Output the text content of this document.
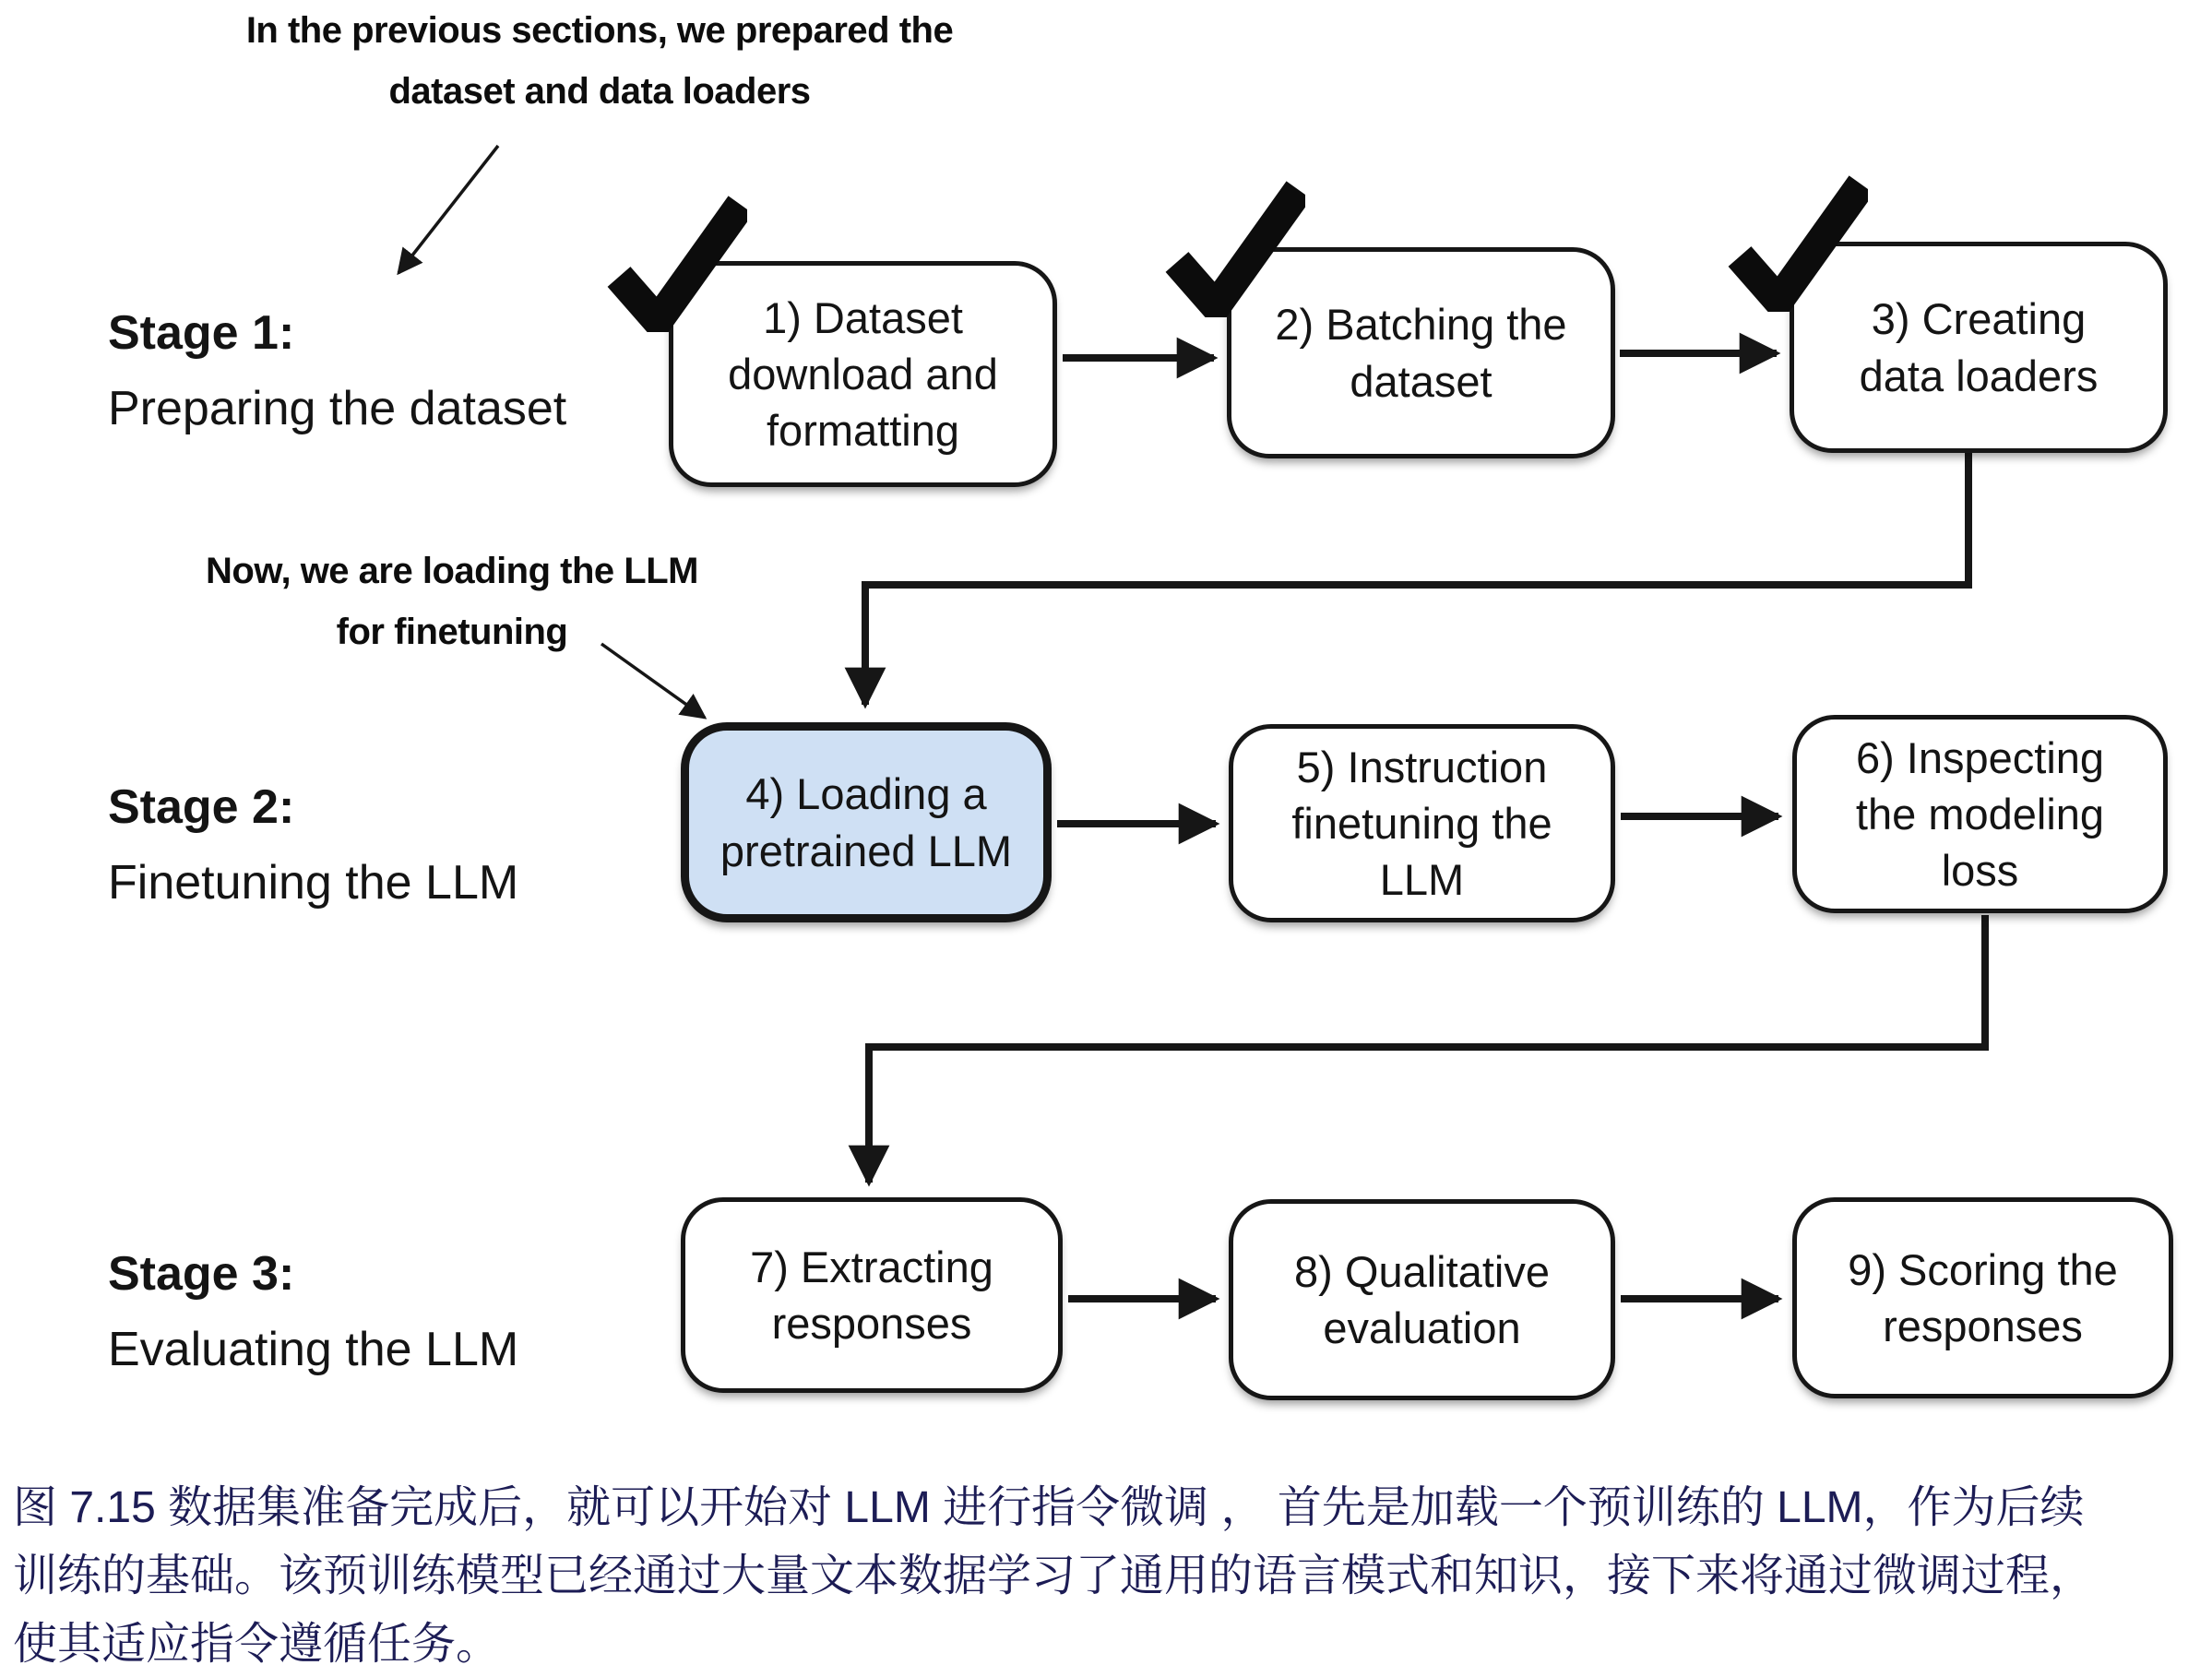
In the previous sections, we prepared the
dataset and data loaders
Now, we are loading the LLM
for finetuning
Stage 1:
Preparing the dataset
Stage 2:
Finetuning the LLM
Stage 3:
Evaluating the LLM
1) Dataset
download and
formatting
2) Batching the
dataset
3) Creating
data loaders
4) Loading a
pretrained LLM
5) Instruction
finetuning the
LLM
6) Inspecting
the modeling
loss
7) Extracting
responses
8) Qualitative
evaluation
9) Scoring the
responses
图 7.15 数据集准备完成后，就可以开始对 LLM 进行指令微调 ， 首先是加载一个预训练的 LLM，作为后续
训练的基础。该预训练模型已经通过大量文本数据学习了通用的语言模式和知识，接下来将通过微调过程，
使其适应指令遵循任务。
